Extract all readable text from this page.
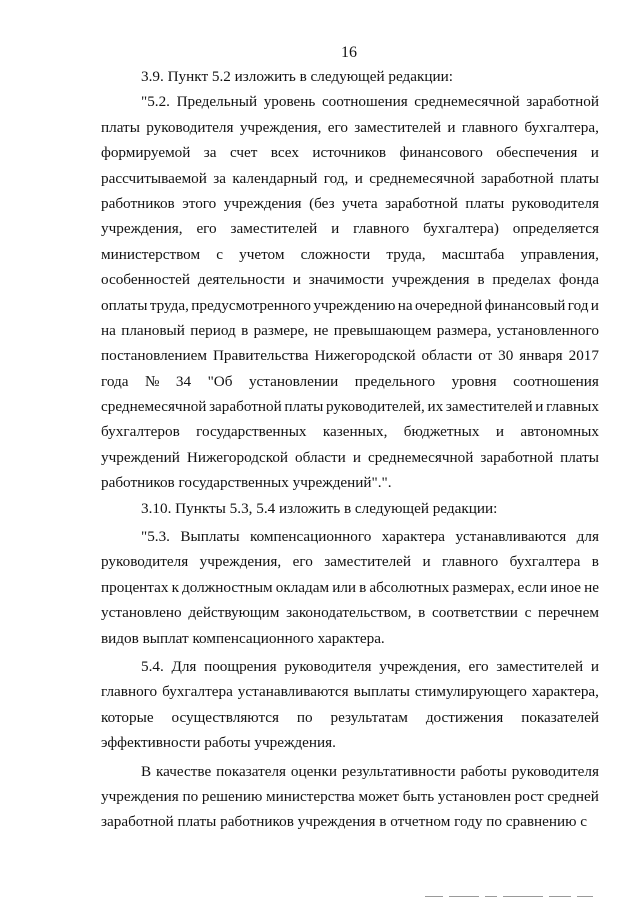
16
3.9. Пункт 5.2 изложить в следующей редакции:
"5.2. Предельный уровень соотношения среднемесячной заработной
платы руководителя учреждения, его заместителей и главного бухгалтера,
формируемой за счет всех источников финансового обеспечения и
рассчитываемой за календарный год, и среднемесячной заработной платы
работников этого учреждения (без учета заработной платы руководителя
учреждения, его заместителей и главного бухгалтера) определяется
министерством с учетом сложности труда, масштаба управления,
особенностей деятельности и значимости учреждения в пределах фонда
оплаты труда, предусмотренного учреждению на очередной финансовый год и
на плановый период в размере, не превышающем размера, установленного
постановлением Правительства Нижегородской области от 30 января 2017
года № 34 "Об установлении предельного уровня соотношения
среднемесячной заработной платы руководителей, их заместителей и главных
бухгалтеров государственных казенных, бюджетных и автономных
учреждений Нижегородской области и среднемесячной заработной платы
работников государственных учреждений".".
3.10. Пункты 5.3, 5.4 изложить в следующей редакции:
"5.3. Выплаты компенсационного характера устанавливаются для
руководителя учреждения, его заместителей и главного бухгалтера в
процентах к должностным окладам или в абсолютных размерах, если иное не
установлено действующим законодательством, в соответствии с перечнем
видов выплат компенсационного характера.
5.4. Для поощрения руководителя учреждения, его заместителей и
главного бухгалтера устанавливаются выплаты стимулирующего характера,
которые осуществляются по результатам достижения показателей
эффективности работы учреждения.
В качестве показателя оценки результативности работы руководителя
учреждения по решению министерства может быть установлен рост средней
заработной платы работников учреждения в отчетном году по сравнению с
